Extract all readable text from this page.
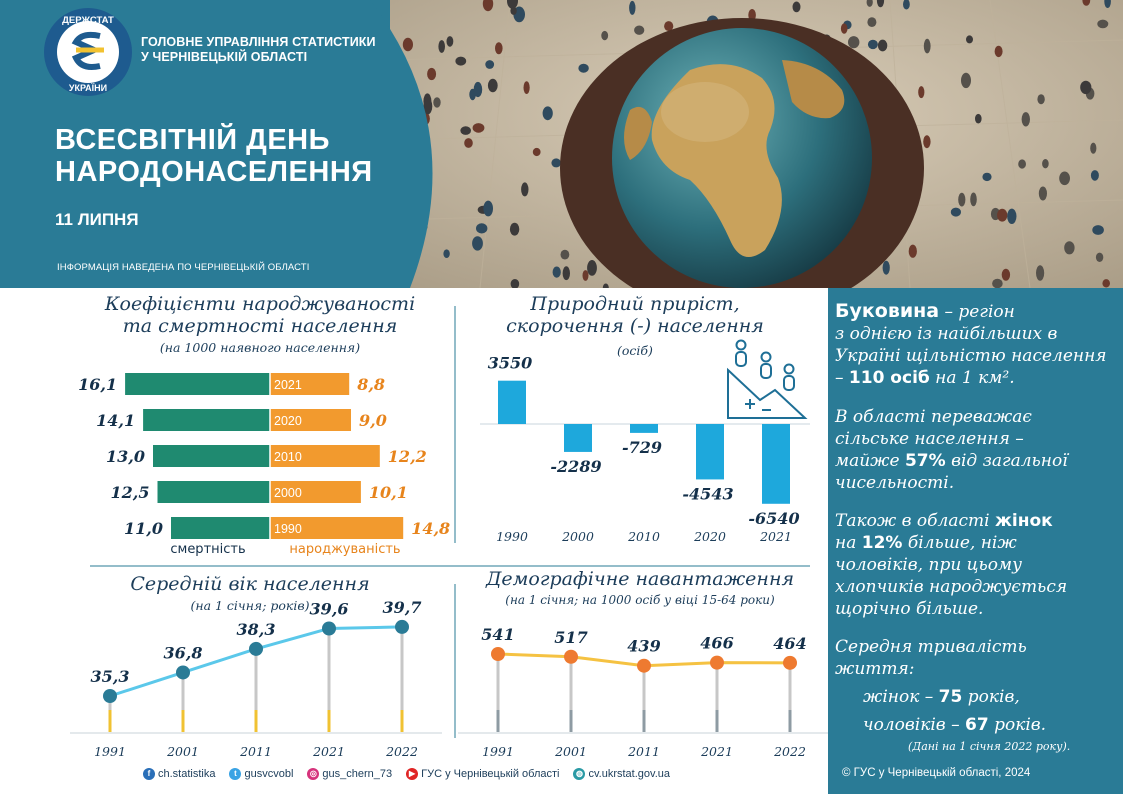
ДЕРЖСТАТ
УКРАЇНИ
ГОЛОВНЕ УПРАВЛІННЯ СТАТИСТИКИ
У ЧЕРНІВЕЦЬКІЙ ОБЛАСТІ
ВСЕСВІТНІЙ ДЕНЬ
НАРОДОНАСЕЛЕННЯ
11 ЛИПНЯ
ІНФОРМАЦІЯ НАВЕДЕНА ПО ЧЕРНІВЕЦЬКІЙ ОБЛАСТІ
Коефіцієнти народжуваності
та смертності населення
(на 1000 наявного населення)
Природний приріст,
скорочення (-) населення
(осіб)
Середній вік населення
(на 1 січня; років)
Демографічне навантаження
(на 1 січня; на 1000 осіб у віці 15-64 роки)
2021
16,1	8,8
2020
14,1	9,0
2010
13,0	12,2
2000
12,5	10,1
1990
11,0	14,8
смертність	народжуваність
3550
1990
-2289
2000
-729
2010
-4543
2020
-6540
2021
35,3
1991
36,8
2001
38,3
2011
39,6
2021
39,7
2022
541
1991
517
2001
439
2011
466
2021
464
2022
Буковина – регіон
з однією із найбільших в
Україні щільністю населення
– 110 осіб на 1 км².
В області переважає
сільське населення –
майже 57% від загальної
чисельності.
Також в області жінок
на 12% більше, ніж
чоловіків, при цьому
хлопчиків народжується
щорічно більше.
Середня тривалість
життя:
жінок – 75 років,
чоловіків – 67 років.
(Дані на 1 січня 2022 року).
© ГУС у Чернівецькій області, 2024
f ch.statistika	t gusvcvobl	◎ gus_chern_73	▶ ГУС у Чернівецькій області	◍ cv.ukrstat.gov.ua
